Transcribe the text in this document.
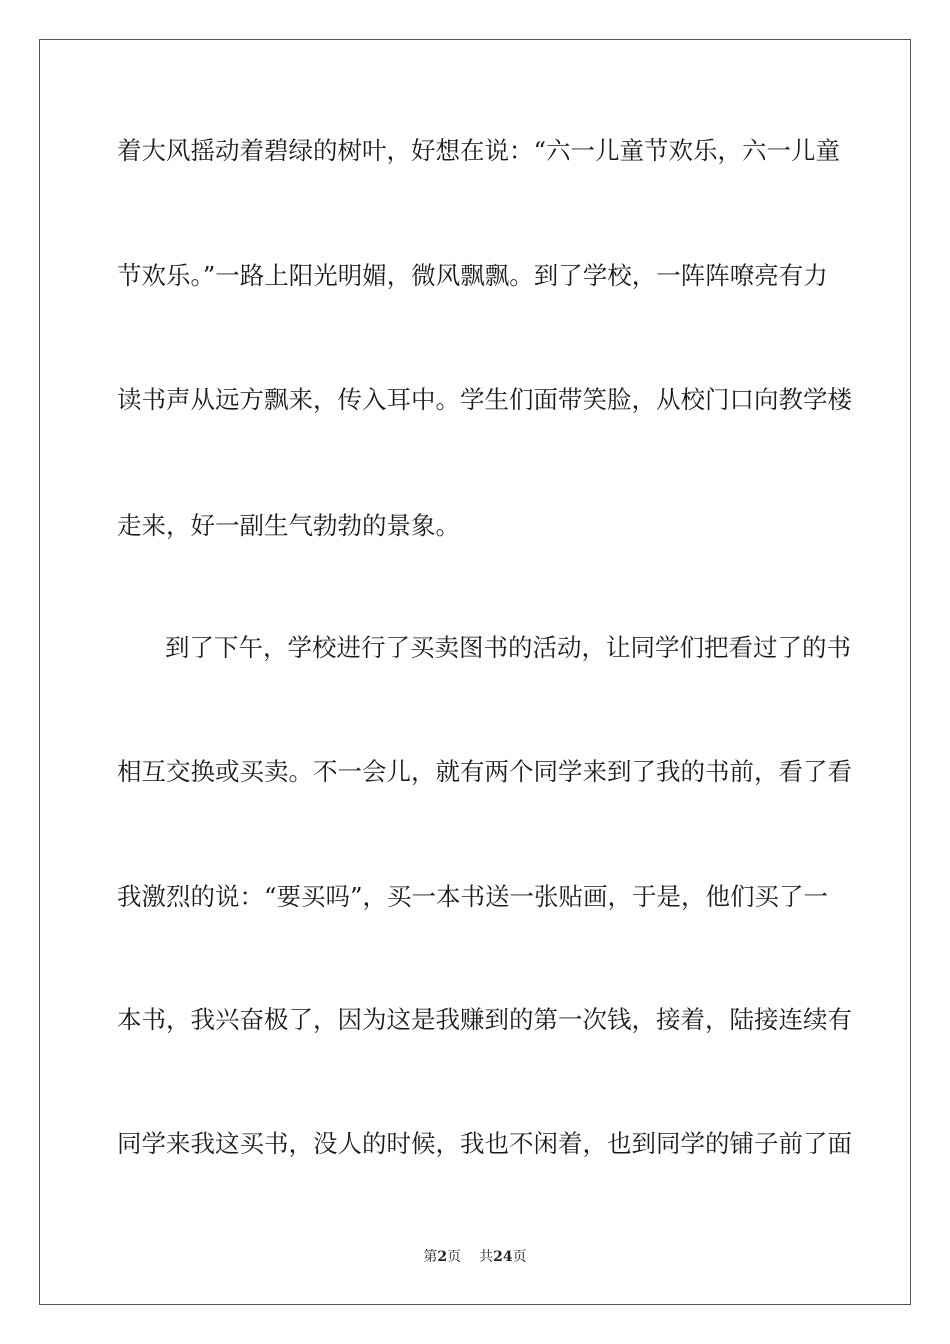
着大风摇动着碧绿的树叶，好想在说：“六一儿童节欢乐，六一儿童
节欢乐。”一路上阳光明媚，微风飘飘。到了学校，一阵阵嘹亮有力
读书声从远方飘来，传入耳中。学生们面带笑脸，从校门口向教学楼
走来，好一副生气勃勃的景象。
到了下午，学校进行了买卖图书的活动，让同学们把看过了的书
相互交换或买卖。不一会儿，就有两个同学来到了我的书前，看了看
我激烈的说：“要买吗”，买一本书送一张贴画，于是，他们买了一
本书，我兴奋极了，因为这是我赚到的第一次钱，接着，陆接连续有
同学来我这买书，没人的时候，我也不闲着，也到同学的铺子前了面
第2页 共24页
